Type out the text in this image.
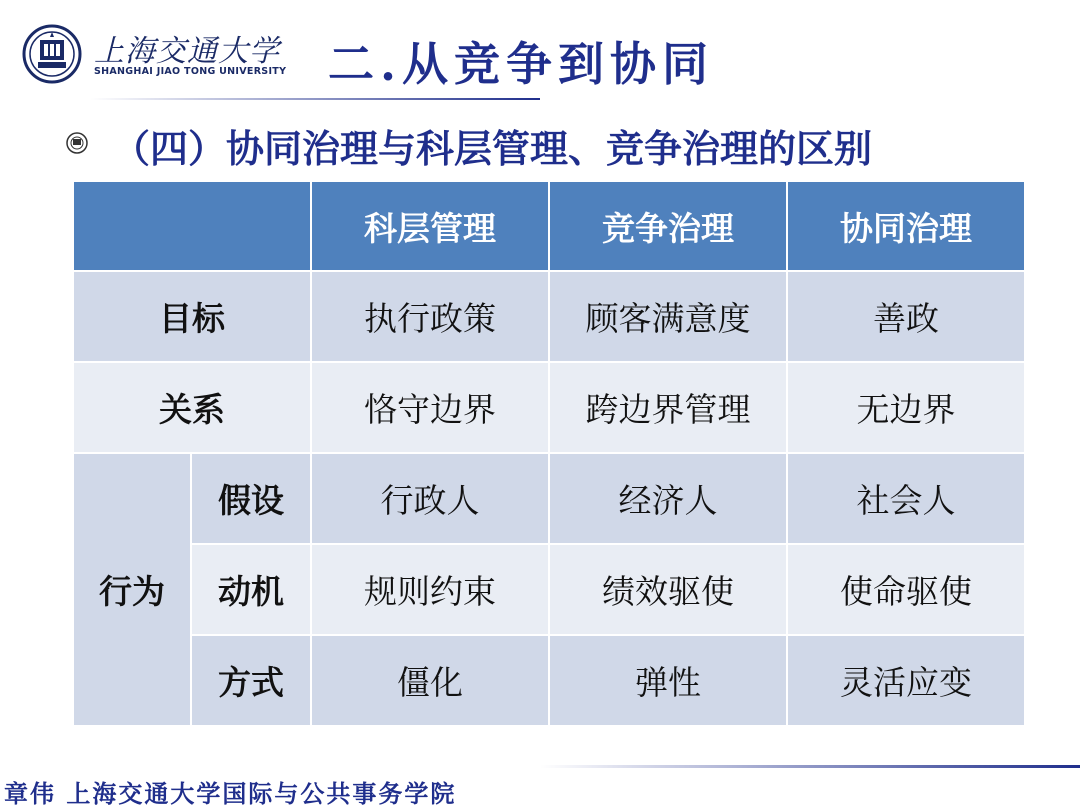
上海交通大学
SHANGHAI JIAO TONG UNIVERSITY 二.从竞争到协同
（四）协同治理与科层管理、竞争治理的区别
		科层管理	竞争治理	协同治理
目标		执行政策	顾客满意度	善政
关系		恪守边界	跨边界管理	无边界
行为	假设	行政人	经济人	社会人
	动机	规则约束	绩效驱使	使命驱使
	方式	僵化	弹性	灵活应变
章伟 上海交通大学国际与公共事务学院
